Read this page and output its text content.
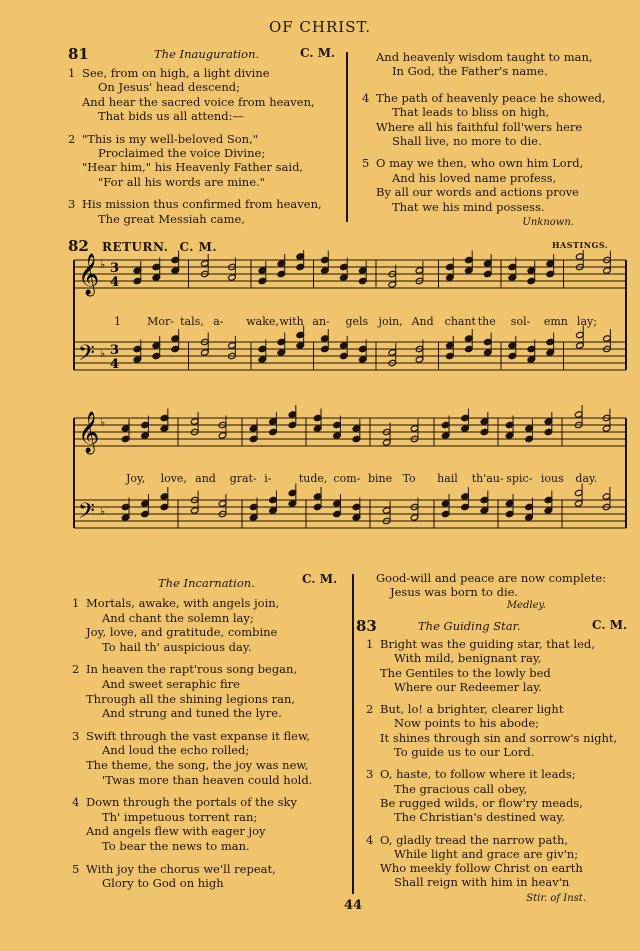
OF CHRIST.
81	The Inauguration.	C. M.
1 See, from on high, a light divine
On Jesus' head descend;
And hear the sacred voice from heaven,
That bids us all attend:—
2 "This is my well-beloved Son,"
Proclaimed the voice Divine;
"Hear him," his Heavenly Father said,
"For all his words are mine."
3 His mission thus confirmed from heaven,
The great Messiah came,
And heavenly wisdom taught to man,
In God, the Father's name.
4 The path of heavenly peace he showed,
That leads to bliss on high,
Where all his faithful foll'wers here
Shall live, no more to die.
5 O may we then, who own him Lord,
And his loved name profess,
By all our words and actions prove
That we his mind possess.
Unknown.
82 RETURN. C. M.	HASTINGS.
𝄞
𝄢
♭
♭
3
4
3
4
𝄞
𝄢
♭
♭
1 Mor- tals, a- wake, with an- gels join, And chant the sol- emn lay;
Joy, love, and grat- i- tude, com- bine To hail th'au- spic- ious day.
The Incarnation.	C. M.
1 Mortals, awake, with angels join,
And chant the solemn lay;
Joy, love, and gratitude, combine
To hail th' auspicious day.
2 In heaven the rapt'rous song began,
And sweet seraphic fire
Through all the shining legions ran,
And strung and tuned the lyre.
3 Swift through the vast expanse it flew,
And loud the echo rolled;
The theme, the song, the joy was new,
'Twas more than heaven could hold.
4 Down through the portals of the sky
Th' impetuous torrent ran;
And angels flew with eager joy
To bear the news to man.
5 With joy the chorus we'll repeat,
Glory to God on high
Good-will and peace are now complete:
Jesus was born to die.
Medley.
83	The Guiding Star.	C. M.
1 Bright was the guiding star, that led,
With mild, benignant ray,
The Gentiles to the lowly bed
Where our Redeemer lay.
2 But, lo! a brighter, clearer light
Now points to his abode;
It shines through sin and sorrow's night,
To guide us to our Lord.
3 O, haste, to follow where it leads;
The gracious call obey,
Be rugged wilds, or flow'ry meads,
The Christian's destined way.
4 O, gladly tread the narrow path,
While light and grace are giv'n;
Who meekly follow Christ on earth
Shall reign with him in heav'n
Stir. of Inst.
44
